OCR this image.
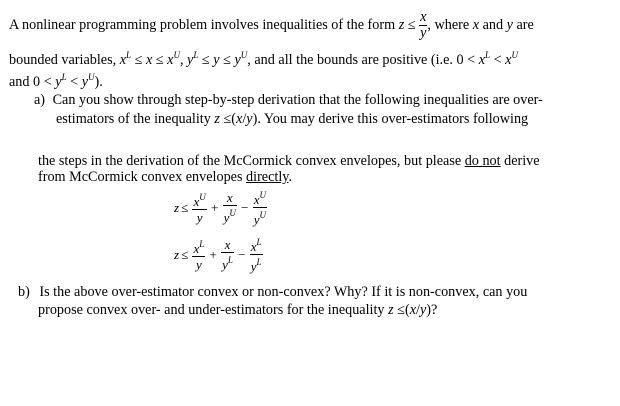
A nonlinear programming problem involves inequalities of the form $z \le \frac{x}{y}$ , where x and y are
bounded variables, $x^L \le x \le x^U$, $y^L \le y \le y^U$, and all the bounds are positive (i.e. $0 < x^L < x^U$
and $0 < y^L < y^U$).
a) Can you show through step-by-step derivation that the following inequalities are over-
estimators of the inequality z ≤(x/y). You may derive this over-estimators following
the steps in the derivation of the McCormick convex envelopes, but please do not derive
from McCormick convex envelopes directly.
$z \le \frac{x^U}{y} + \frac{x}{y^U} - \frac{x^U}{y^U}$
$z \le \frac{x^L}{y} + \frac{x}{y^L} - \frac{x^L}{y^L}$
b) Is the above over-estimator convex or non-convex? Why? If it is non-convex, can you
propose convex over- and under-estimators for the inequality z ≤(x/y)?
